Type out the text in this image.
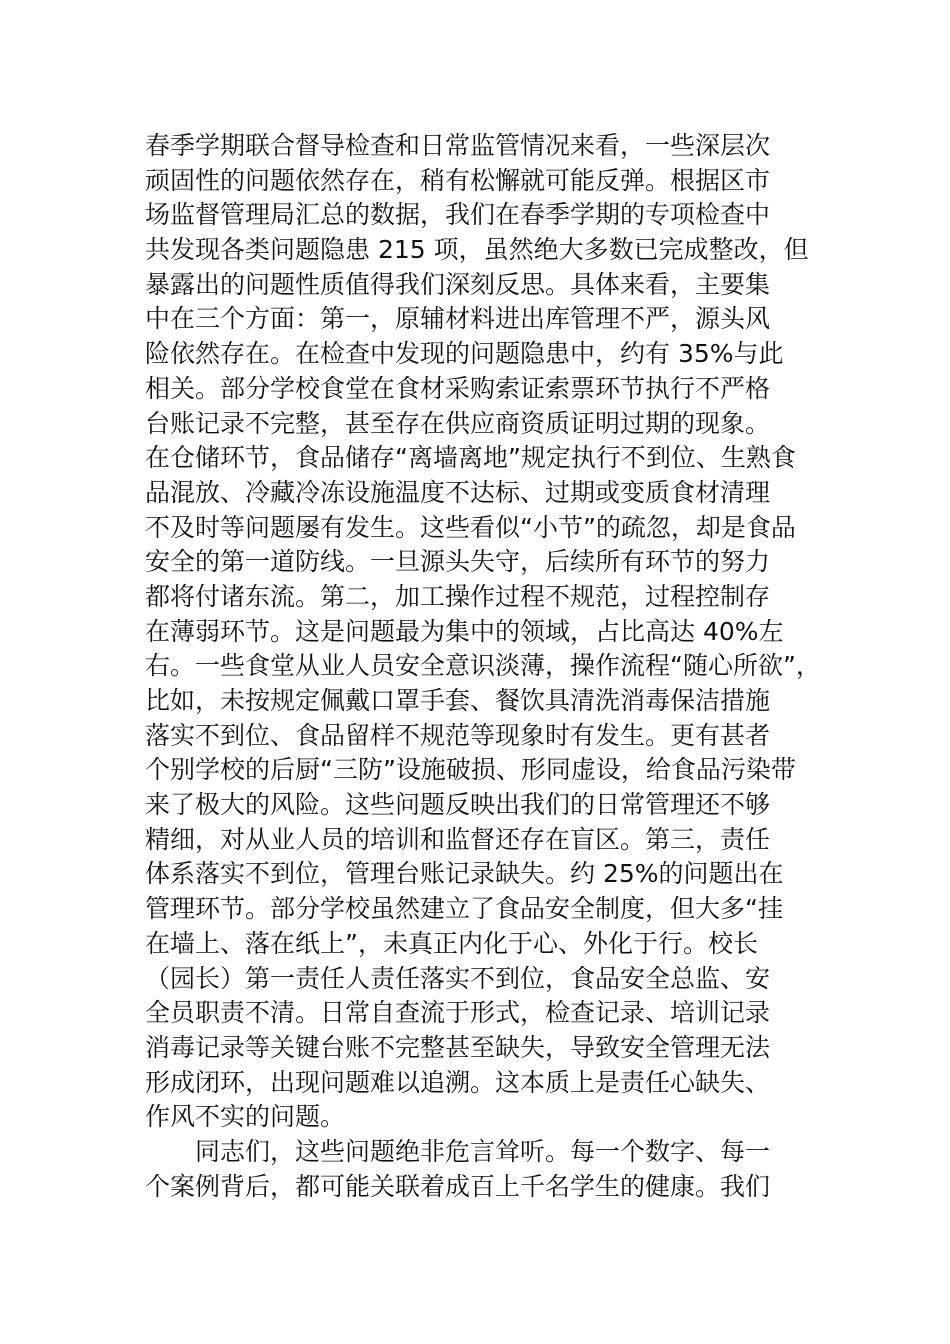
春季学期联合督导检查和日常监管情况来看，一些深层次
顽固性的问题依然存在，稍有松懈就可能反弹。根据区市
场监督管理局汇总的数据，我们在春季学期的专项检查中
共发现各类问题隐患 215 项，虽然绝大多数已完成整改，但
暴露出的问题性质值得我们深刻反思。具体来看，主要集
中在三个方面：第一，原辅材料进出库管理不严，源头风
险依然存在。在检查中发现的问题隐患中，约有 35%与此
相关。部分学校食堂在食材采购索证索票环节执行不严格
台账记录不完整，甚至存在供应商资质证明过期的现象。
在仓储环节，食品储存“离墙离地”规定执行不到位、生熟食
品混放、冷藏冷冻设施温度不达标、过期或变质食材清理
不及时等问题屡有发生。这些看似“小节”的疏忽，却是食品
安全的第一道防线。一旦源头失守，后续所有环节的努力
都将付诸东流。第二，加工操作过程不规范，过程控制存
在薄弱环节。这是问题最为集中的领域，占比高达 40%左
右。一些食堂从业人员安全意识淡薄，操作流程“随心所欲”，
比如，未按规定佩戴口罩手套、餐饮具清洗消毒保洁措施
落实不到位、食品留样不规范等现象时有发生。更有甚者
个别学校的后厨“三防”设施破损、形同虚设，给食品污染带
来了极大的风险。这些问题反映出我们的日常管理还不够
精细，对从业人员的培训和监督还存在盲区。第三，责任
体系落实不到位，管理台账记录缺失。约 25%的问题出在
管理环节。部分学校虽然建立了食品安全制度，但大多“挂
在墙上、落在纸上”，未真正内化于心、外化于行。校长
（园长）第一责任人责任落实不到位，食品安全总监、安
全员职责不清。日常自查流于形式，检查记录、培训记录
消毒记录等关键台账不完整甚至缺失，导致安全管理无法
形成闭环，出现问题难以追溯。这本质上是责任心缺失、
作风不实的问题。
同志们，这些问题绝非危言耸听。每一个数字、每一
个案例背后，都可能关联着成百上千名学生的健康。我们
